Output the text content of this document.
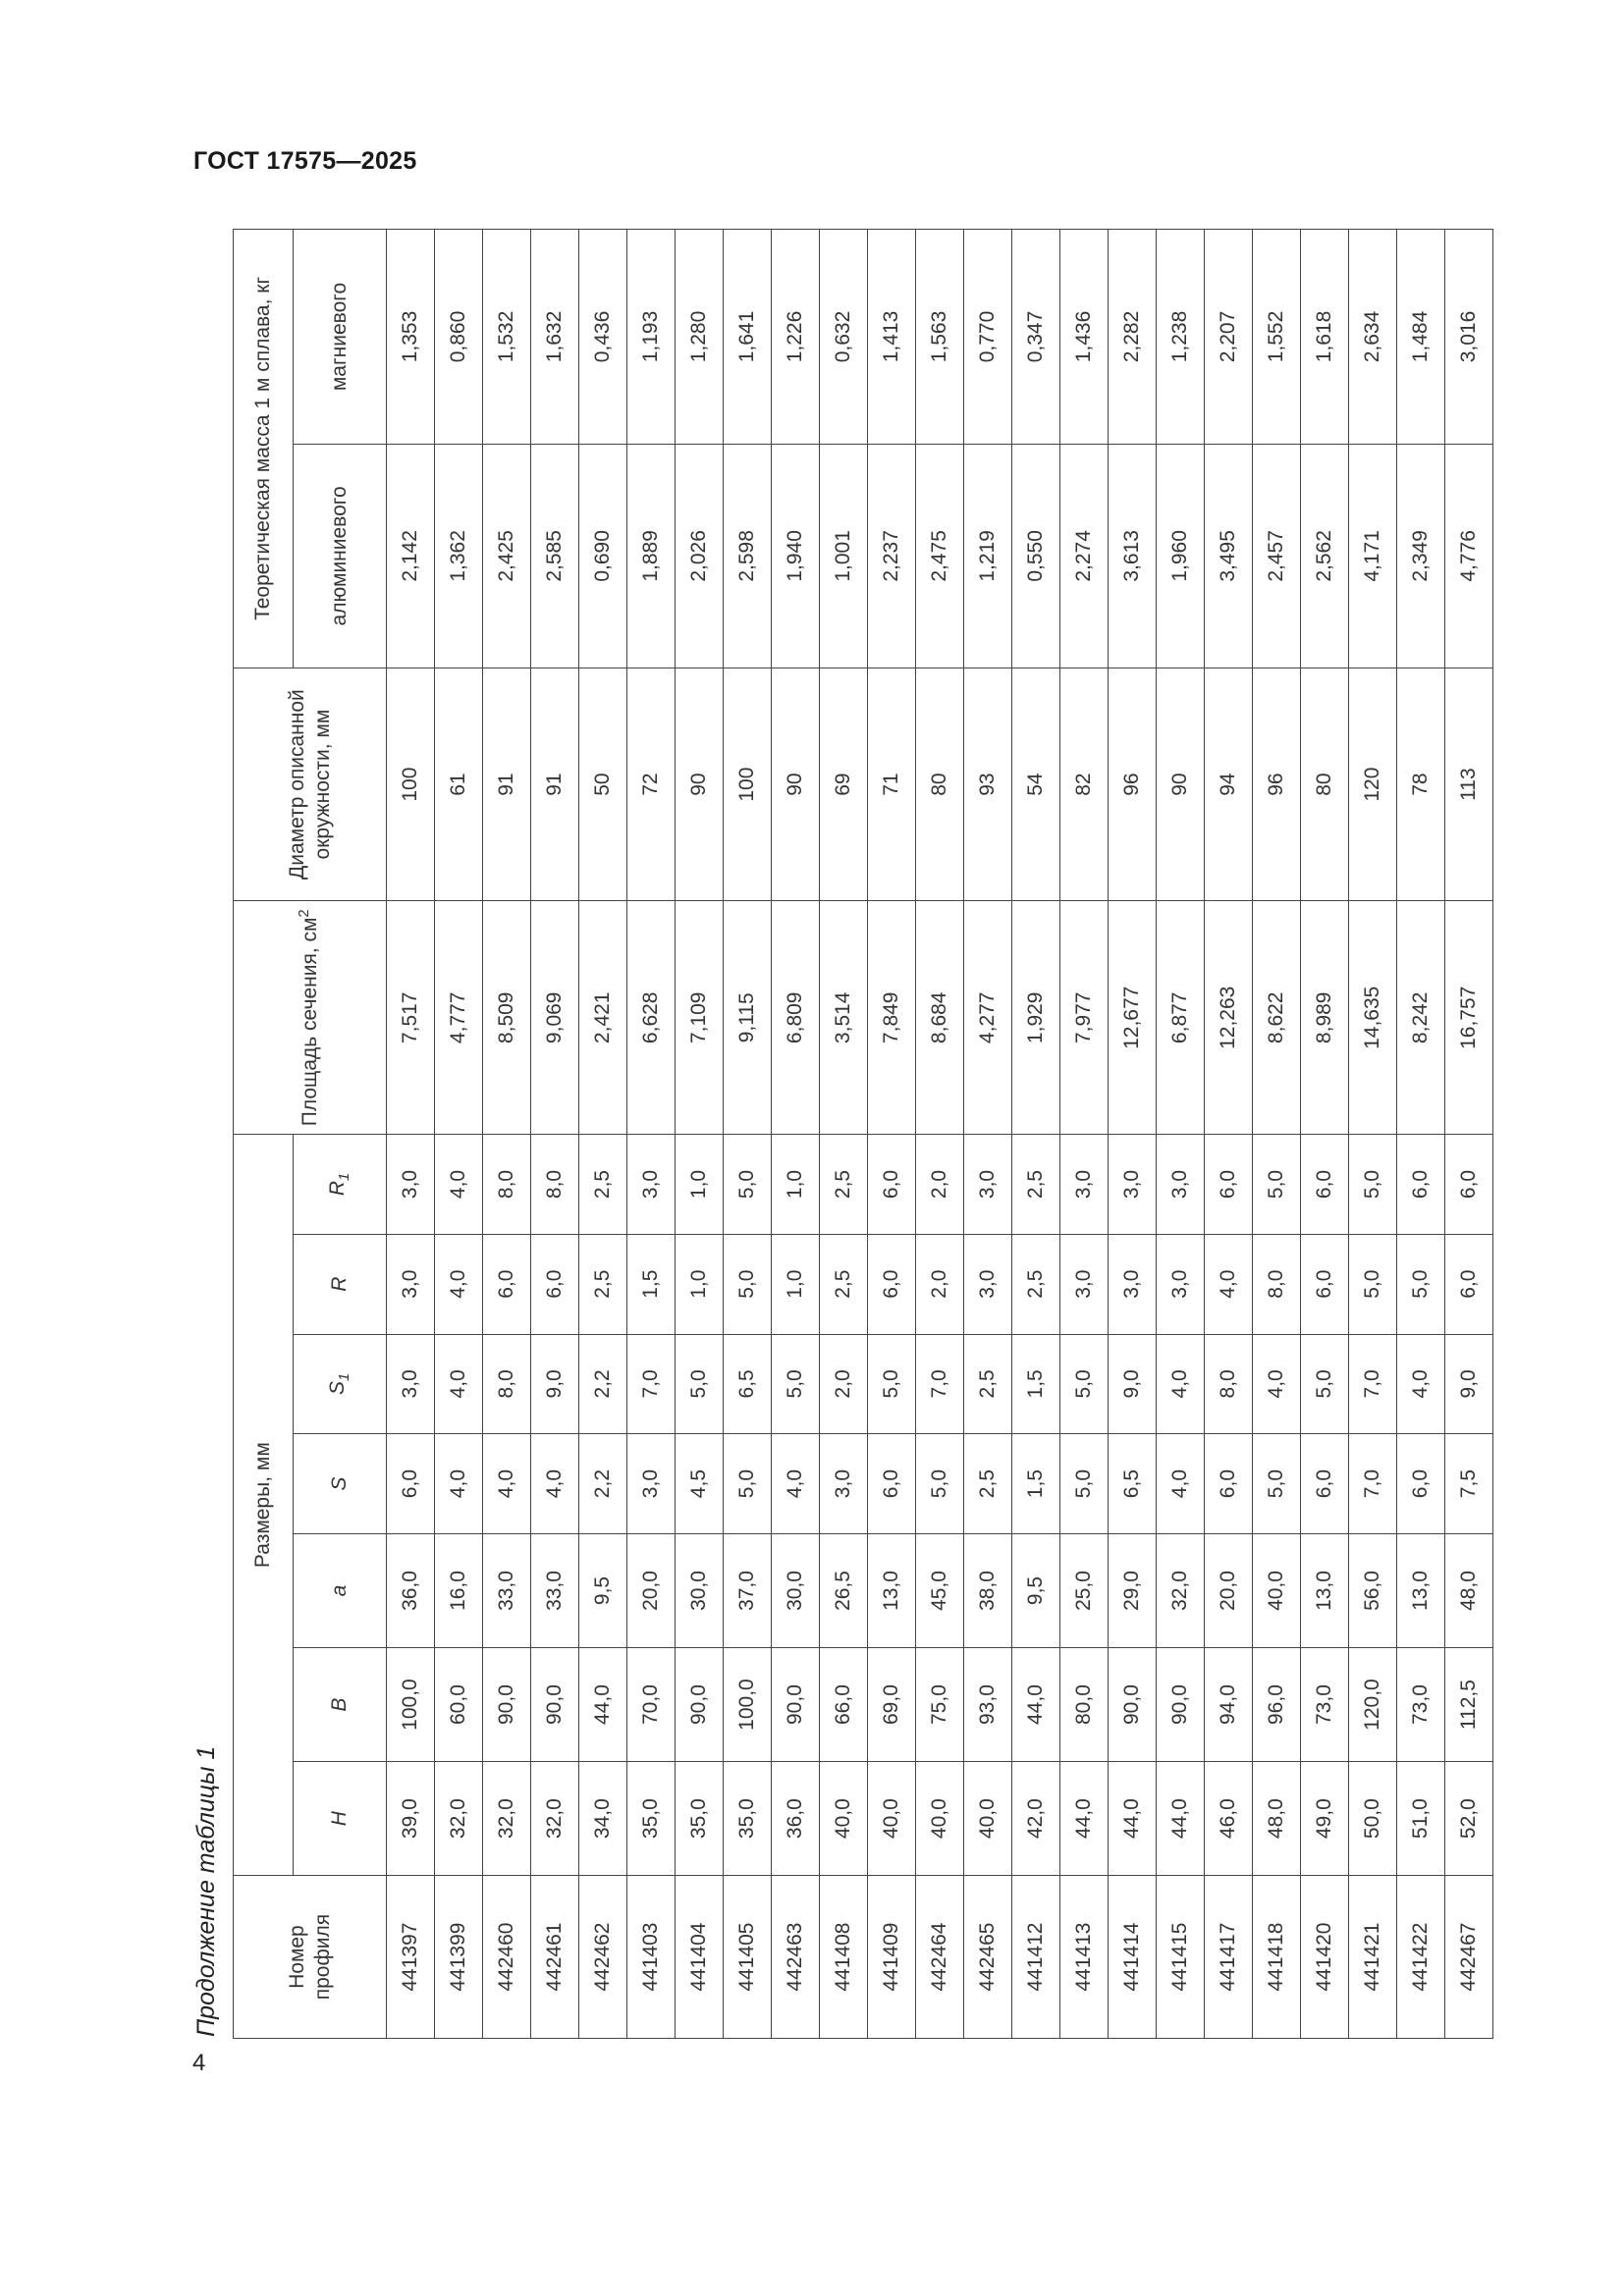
ГОСТ 17575—2025
Продолжение таблицы 1
4
Номер профиля	Размеры, мм							Площадь сечения, $см^2$	Диаметр описанной окружности, мм	Теоретическая масса 1 м сплава, кг	
	H	B	a	S	$S_1$	R	$R_1$			алюминиевого	магниевого
441397	39,0	100,0	36,0	6,0	3,0	3,0	3,0	7,517	100	2,142	1,353
441399	32,0	60,0	16,0	4,0	4,0	4,0	4,0	4,777	61	1,362	0,860
442460	32,0	90,0	33,0	4,0	8,0	6,0	8,0	8,509	91	2,425	1,532
442461	32,0	90,0	33,0	4,0	9,0	6,0	8,0	9,069	91	2,585	1,632
442462	34,0	44,0	9,5	2,2	2,2	2,5	2,5	2,421	50	0,690	0,436
441403	35,0	70,0	20,0	3,0	7,0	1,5	3,0	6,628	72	1,889	1,193
441404	35,0	90,0	30,0	4,5	5,0	1,0	1,0	7,109	90	2,026	1,280
441405	35,0	100,0	37,0	5,0	6,5	5,0	5,0	9,115	100	2,598	1,641
442463	36,0	90,0	30,0	4,0	5,0	1,0	1,0	6,809	90	1,940	1,226
441408	40,0	66,0	26,5	3,0	2,0	2,5	2,5	3,514	69	1,001	0,632
441409	40,0	69,0	13,0	6,0	5,0	6,0	6,0	7,849	71	2,237	1,413
442464	40,0	75,0	45,0	5,0	7,0	2,0	2,0	8,684	80	2,475	1,563
442465	40,0	93,0	38,0	2,5	2,5	3,0	3,0	4,277	93	1,219	0,770
441412	42,0	44,0	9,5	1,5	1,5	2,5	2,5	1,929	54	0,550	0,347
441413	44,0	80,0	25,0	5,0	5,0	3,0	3,0	7,977	82	2,274	1,436
441414	44,0	90,0	29,0	6,5	9,0	3,0	3,0	12,677	96	3,613	2,282
441415	44,0	90,0	32,0	4,0	4,0	3,0	3,0	6,877	90	1,960	1,238
441417	46,0	94,0	20,0	6,0	8,0	4,0	6,0	12,263	94	3,495	2,207
441418	48,0	96,0	40,0	5,0	4,0	8,0	5,0	8,622	96	2,457	1,552
441420	49,0	73,0	13,0	6,0	5,0	6,0	6,0	8,989	80	2,562	1,618
441421	50,0	120,0	56,0	7,0	7,0	5,0	5,0	14,635	120	4,171	2,634
441422	51,0	73,0	13,0	6,0	4,0	5,0	6,0	8,242	78	2,349	1,484
442467	52,0	112,5	48,0	7,5	9,0	6,0	6,0	16,757	113	4,776	3,016
